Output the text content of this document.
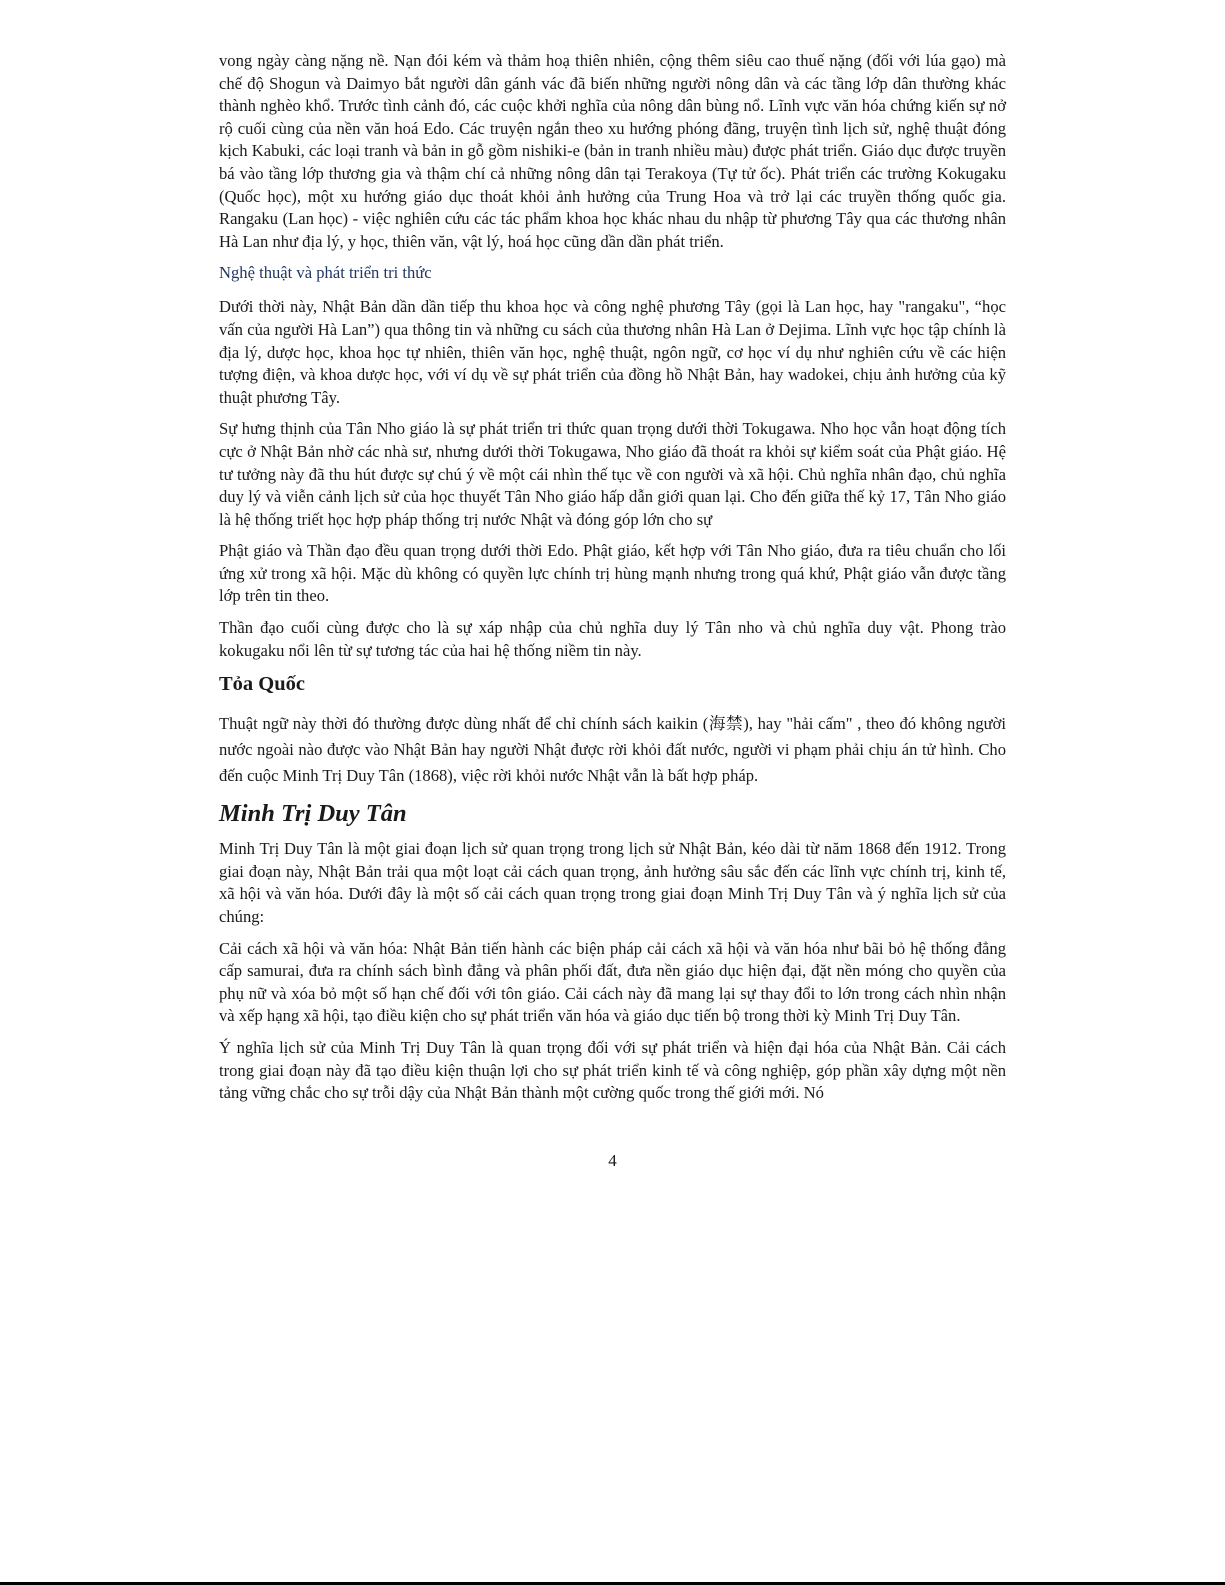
vong ngày càng nặng nề. Nạn đói kém và thảm hoạ thiên nhiên, cộng thêm siêu cao thuế nặng (đối với lúa gạo) mà chế độ Shogun và Daimyo bắt người dân gánh vác đã biến những người nông dân và các tầng lớp dân thường khác thành nghèo khổ. Trước tình cảnh đó, các cuộc khởi nghĩa của nông dân bùng nổ. Lĩnh vực văn hóa chứng kiến sự nở rộ cuối cùng của nền văn hoá Edo. Các truyện ngắn theo xu hướng phóng đãng, truyện tình lịch sử, nghệ thuật đóng kịch Kabuki, các loại tranh và bản in gỗ gồm nishiki-e (bản in tranh nhiều màu) được phát triển. Giáo dục được truyền bá vào tầng lớp thương gia và thậm chí cả những nông dân tại Terakoya (Tự tử ốc). Phát triển các trường Kokugaku (Quốc học), một xu hướng giáo dục thoát khỏi ảnh hưởng của Trung Hoa và trở lại các truyền thống quốc gia. Rangaku (Lan học) - việc nghiên cứu các tác phẩm khoa học khác nhau du nhập từ phương Tây qua các thương nhân Hà Lan như địa lý, y học, thiên văn, vật lý, hoá học cũng dần dần phát triển.

Nghệ thuật và phát triển tri thức

Dưới thời này, Nhật Bản dần dần tiếp thu khoa học và công nghệ phương Tây (gọi là Lan học, hay "rangaku", “học vấn của người Hà Lan”) qua thông tin và những cu sách của thương nhân Hà Lan ở Dejima. Lĩnh vực học tập chính là địa lý, dược học, khoa học tự nhiên, thiên văn học, nghệ thuật, ngôn ngữ, cơ học ví dụ như nghiên cứu về các hiện tượng điện, và khoa dược học, với ví dụ về sự phát triển của đồng hồ Nhật Bản, hay wadokei, chịu ảnh hưởng của kỹ thuật phương Tây.

Sự hưng thịnh của Tân Nho giáo là sự phát triển tri thức quan trọng dưới thời Tokugawa. Nho học vẫn hoạt động tích cực ở Nhật Bản nhờ các nhà sư, nhưng dưới thời Tokugawa, Nho giáo đã thoát ra khỏi sự kiểm soát của Phật giáo. Hệ tư tưởng này đã thu hút được sự chú ý về một cái nhìn thế tục về con người và xã hội. Chủ nghĩa nhân đạo, chủ nghĩa duy lý và viễn cảnh lịch sử của học thuyết Tân Nho giáo hấp dẫn giới quan lại. Cho đến giữa thế kỷ 17, Tân Nho giáo là hệ thống triết học hợp pháp thống trị nước Nhật và đóng góp lớn cho sự

Phật giáo và Thần đạo đều quan trọng dưới thời Edo. Phật giáo, kết hợp với Tân Nho giáo, đưa ra tiêu chuẩn cho lối ứng xử trong xã hội. Mặc dù không có quyền lực chính trị hùng mạnh nhưng trong quá khứ, Phật giáo vẫn được tầng lớp trên tin theo.

Thần đạo cuối cùng được cho là sự xáp nhập của chủ nghĩa duy lý Tân nho và chủ nghĩa duy vật. Phong trào kokugaku nổi lên từ sự tương tác của hai hệ thống niềm tin này.

Tỏa Quốc

Thuật ngữ này thời đó thường được dùng nhất để chỉ chính sách kaikin (海禁), hay "hải cấm" , theo đó không người nước ngoài nào được vào Nhật Bản hay người Nhật được rời khỏi đất nước, người vi phạm phải chịu án tử hình. Cho đến cuộc Minh Trị Duy Tân (1868), việc rời khỏi nước Nhật vẫn là bất hợp pháp.

Minh Trị Duy Tân

Minh Trị Duy Tân là một giai đoạn lịch sử quan trọng trong lịch sử Nhật Bản, kéo dài từ năm 1868 đến 1912. Trong giai đoạn này, Nhật Bản trải qua một loạt cải cách quan trọng, ảnh hưởng sâu sắc đến các lĩnh vực chính trị, kinh tế, xã hội và văn hóa. Dưới đây là một số cải cách quan trọng trong giai đoạn Minh Trị Duy Tân và ý nghĩa lịch sử của chúng:

Cải cách xã hội và văn hóa: Nhật Bản tiến hành các biện pháp cải cách xã hội và văn hóa như bãi bỏ hệ thống đẳng cấp samurai, đưa ra chính sách bình đẳng và phân phối đất, đưa nền giáo dục hiện đại, đặt nền móng cho quyền của phụ nữ và xóa bỏ một số hạn chế đối với tôn giáo. Cải cách này đã mang lại sự thay đổi to lớn trong cách nhìn nhận và xếp hạng xã hội, tạo điều kiện cho sự phát triển văn hóa và giáo dục tiến bộ trong thời kỳ Minh Trị Duy Tân.

Ý nghĩa lịch sử của Minh Trị Duy Tân là quan trọng đối với sự phát triển và hiện đại hóa của Nhật Bản. Cải cách trong giai đoạn này đã tạo điều kiện thuận lợi cho sự phát triển kinh tế và công nghiệp, góp phần xây dựng một nền tảng vững chắc cho sự trỗi dậy của Nhật Bản thành một cường quốc trong thế giới mới. Nó

4
